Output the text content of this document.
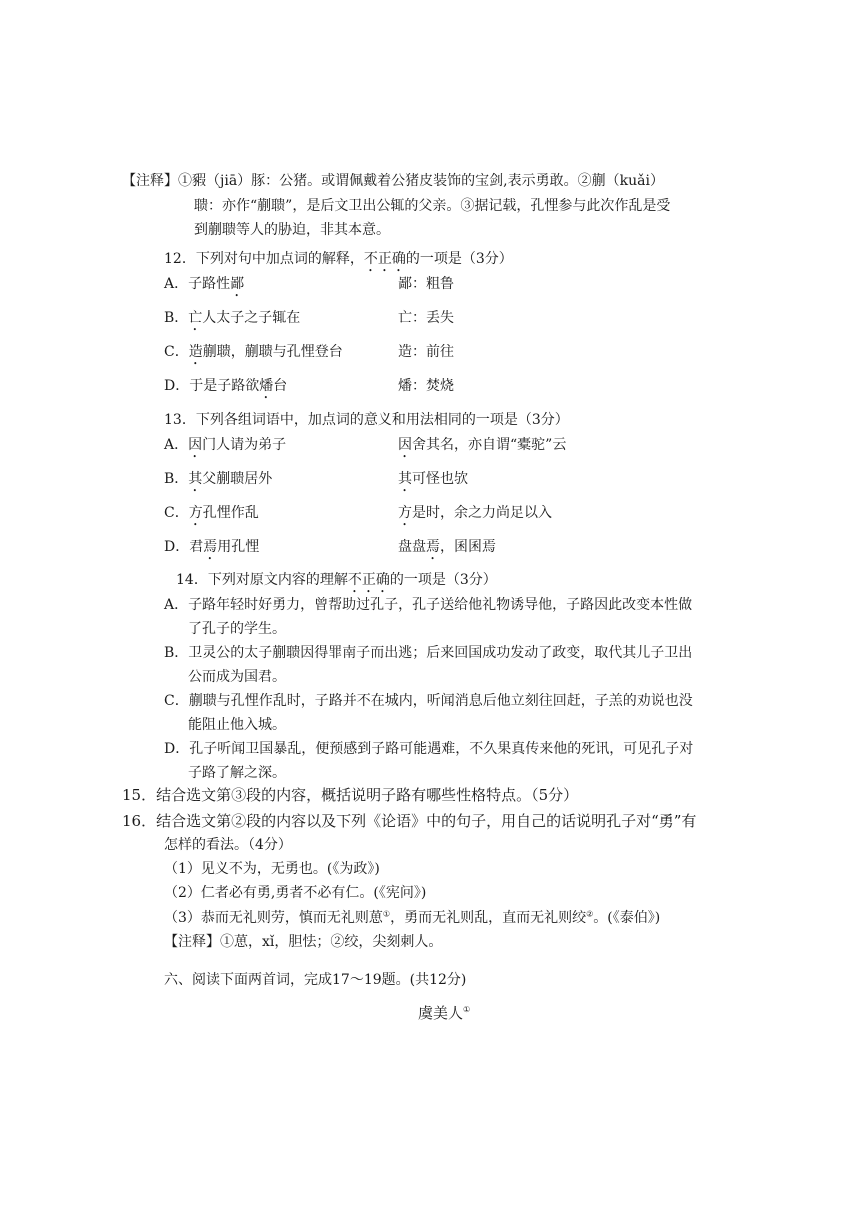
【注释】①豭（jiā）豚：公猪。或谓佩戴着公猪皮装饰的宝剑,表示勇敢。②蒯（kuǎi）
聩：亦作“蒯聩”，是后文卫出公辄的父亲。③据记载，孔悝参与此次作乱是受
到蒯聩等人的胁迫，非其本意。
12．下列对句中加点词的解释，不正确的一项是（3分）
A．子路性鄙	鄙：粗鲁
B．亡人太子之子辄在	亡：丢失
C．造蒯聩，蒯聩与孔悝登台	造：前往
D．于是子路欲燔台	燔：焚烧
13．下列各组词语中，加点词的意义和用法相同的一项是（3分）
A．因门人请为弟子	因舍其名，亦自谓“橐驼”云
B．其父蒯聩居外	其可怪也欤
C．方孔悝作乱	方是时，余之力尚足以入
D．君焉用孔悝	盘盘焉，囷囷焉
14．下列对原文内容的理解不正确的一项是（3分）
A．子路年轻时好勇力，曾帮助过孔子，孔子送给他礼物诱导他，子路因此改变本性做
了孔子的学生。
B．卫灵公的太子蒯聩因得罪南子而出逃；后来回国成功发动了政变，取代其儿子卫出
公而成为国君。
C．蒯聩与孔悝作乱时，子路并不在城内，听闻消息后他立刻往回赶，子羔的劝说也没
能阻止他入城。
D．孔子听闻卫国暴乱，便预感到子路可能遇难，不久果真传来他的死讯，可见孔子对
子路了解之深。
15．结合选文第③段的内容，概括说明子路有哪些性格特点。（5分）
16．结合选文第②段的内容以及下列《论语》中的句子，用自己的话说明孔子对“勇”有
怎样的看法。（4分）
（1）见义不为，无勇也。(《为政》)
（2）仁者必有勇,勇者不必有仁。(《宪问》)
（3）恭而无礼则劳，慎而无礼则葸①，勇而无礼则乱，直而无礼则绞②。(《泰伯》)
【注释】①葸，xǐ，胆怯；②绞，尖刻刺人。
六、阅读下面两首词，完成17～19题。(共12分)
虞美人①
